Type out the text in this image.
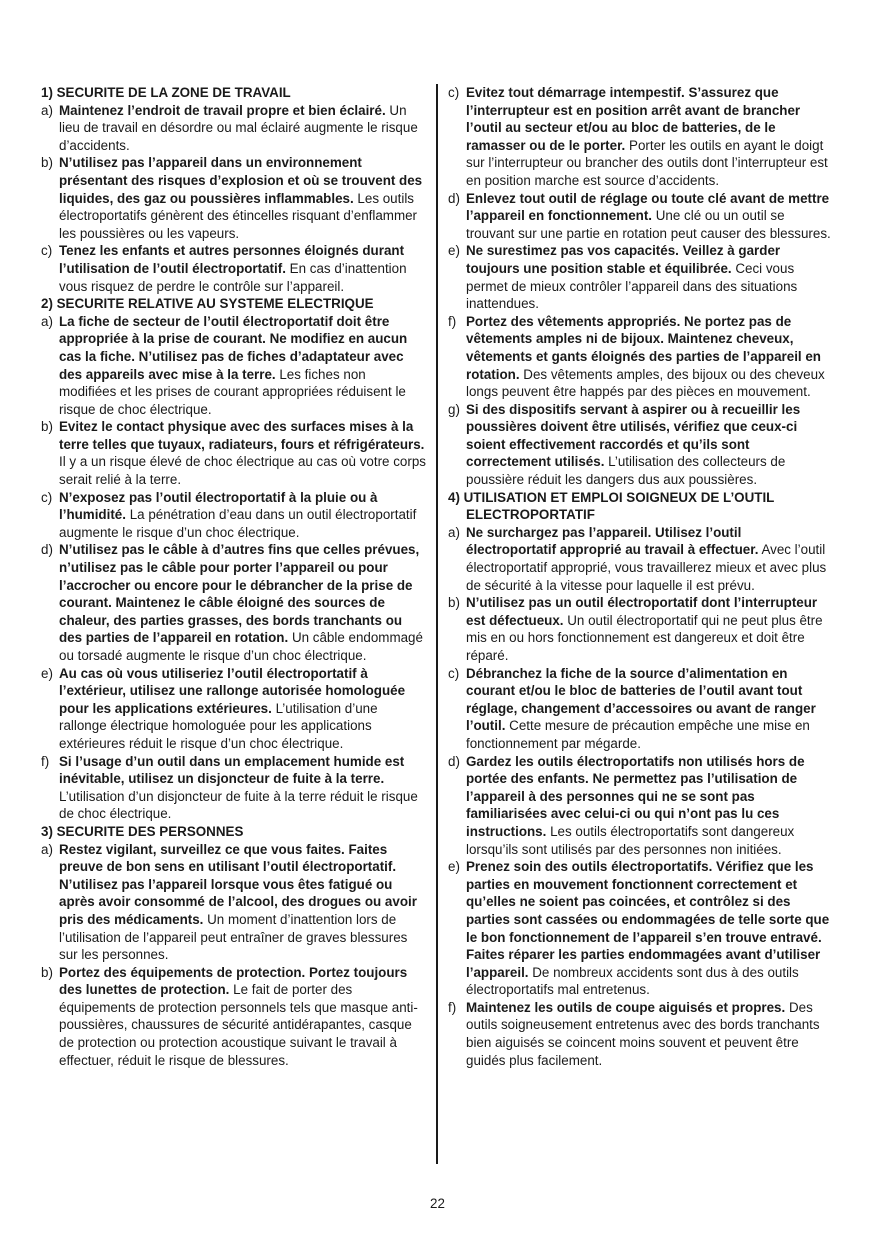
1) SECURITE DE LA ZONE DE TRAVAIL

a) Maintenez l’endroit de travail propre et bien éclairé. Un lieu de travail en désordre ou mal éclairé augmente le risque d’accidents.

b) N’utilisez pas l’appareil dans un environnement présentant des risques d’explosion et où se trouvent des liquides, des gaz ou poussières inflammables. Les outils électroportatifs génèrent des étincelles risquant d’enflammer les poussières ou les vapeurs.

c) Tenez les enfants et autres personnes éloignés durant l’utilisation de l’outil électroportatif. En cas d’inattention vous risquez de perdre le contrôle sur l’appareil.

2) SECURITE RELATIVE AU SYSTEME ELECTRIQUE

a) La fiche de secteur de l’outil électroportatif doit être appropriée à la prise de courant. Ne modifiez en aucun cas la fiche. N’utilisez pas de fiches d’adaptateur avec des appareils avec mise à la terre. Les fiches non modifiées et les prises de courant appropriées réduisent le risque de choc électrique.

b) Evitez le contact physique avec des surfaces mises à la terre telles que tuyaux, radiateurs, fours et réfrigérateurs. Il y a un risque élevé de choc électrique au cas où votre corps serait relié à la terre.

c) N’exposez pas l’outil électroportatif à la pluie ou à l’humidité. La pénétration d’eau dans un outil électroportatif augmente le risque d’un choc électrique.

d) N’utilisez pas le câble à d’autres fins que celles prévues, n’utilisez pas le câble pour porter l’appareil ou pour l’accrocher ou encore pour le débrancher de la prise de courant. Maintenez le câble éloigné des sources de chaleur, des parties grasses, des bords tranchants ou des parties de l’appareil en rotation. Un câble endommagé ou torsadé augmente le risque d’un choc électrique.

e) Au cas où vous utiliseriez l’outil électroportatif à l’extérieur, utilisez une rallonge autorisée homologuée pour les applications extérieures. L’utilisation d’une rallonge électrique homologuée pour les applications extérieures réduit le risque d’un choc électrique.

f) Si l’usage d’un outil dans un emplacement humide est inévitable, utilisez un disjoncteur de fuite à la terre. L’utilisation d’un disjoncteur de fuite à la terre réduit le risque de choc électrique.

3) SECURITE DES PERSONNES

a) Restez vigilant, surveillez ce que vous faites. Faites preuve de bon sens en utilisant l’outil électroportatif. N’utilisez pas l’appareil lorsque vous êtes fatigué ou après avoir consommé de l’alcool, des drogues ou avoir pris des médicaments. Un moment d’inattention lors de l’utilisation de l’appareil peut entraîner de graves blessures sur les personnes.

b) Portez des équipements de protection. Portez toujours des lunettes de protection. Le fait de porter des équipements de protection personnels tels que masque anti-poussières, chaussures de sécurité antidérapantes, casque de protection ou protection acoustique suivant le travail à effectuer, réduit le risque de blessures.

c) Evitez tout démarrage intempestif. S’assurez que l’interrupteur est en position arrêt avant de brancher l’outil au secteur et/ou au bloc de batteries, de le ramasser ou de le porter. Porter les outils en ayant le doigt sur l’interrupteur ou brancher des outils dont l’interrupteur est en position marche est source d’accidents.

d) Enlevez tout outil de réglage ou toute clé avant de mettre l’appareil en fonctionnement. Une clé ou un outil se trouvant sur une partie en rotation peut causer des blessures.

e) Ne surestimez pas vos capacités. Veillez à garder toujours une position stable et équilibrée. Ceci vous permet de mieux contrôler l’appareil dans des situations inattendues.

f) Portez des vêtements appropriés. Ne portez pas de vêtements amples ni de bijoux. Maintenez cheveux, vêtements et gants éloignés des parties de l’appareil en rotation. Des vêtements amples, des bijoux ou des cheveux longs peuvent être happés par des pièces en mouvement.

g) Si des dispositifs servant à aspirer ou à recueillir les poussières doivent être utilisés, vérifiez que ceux-ci soient effectivement raccordés et qu’ils sont correctement utilisés. L’utilisation des collecteurs de poussière réduit les dangers dus aux poussières.

4) UTILISATION ET EMPLOI SOIGNEUX DE L’OUTIL ELECTROPORTATIF

a) Ne surchargez pas l’appareil. Utilisez l’outil électroportatif approprié au travail à effectuer. Avec l’outil électroportatif approprié, vous travaillerez mieux et avec plus de sécurité à la vitesse pour laquelle il est prévu.

b) N’utilisez pas un outil électroportatif dont l’interrupteur est défectueux. Un outil électroportatif qui ne peut plus être mis en ou hors fonctionnement est dangereux et doit être réparé.

c) Débranchez la fiche de la source d’alimentation en courant et/ou le bloc de batteries de l’outil avant tout réglage, changement d’accessoires ou avant de ranger l’outil. Cette mesure de précaution empêche une mise en fonctionnement par mégarde.

d) Gardez les outils électroportatifs non utilisés hors de portée des enfants. Ne permettez pas l’utilisation de l’appareil à des personnes qui ne se sont pas familiarisées avec celui-ci ou qui n’ont pas lu ces instructions. Les outils électroportatifs sont dangereux lorsqu’ils sont utilisés par des personnes non initiées.

e) Prenez soin des outils électroportatifs. Vérifiez que les parties en mouvement fonctionnent correctement et qu’elles ne soient pas coincées, et contrôlez si des parties sont cassées ou endommagées de telle sorte que le bon fonctionnement de l’appareil s’en trouve entravé. Faites réparer les parties endommagées avant d’utiliser l’appareil. De nombreux accidents sont dus à des outils électroportatifs mal entretenus.

f) Maintenez les outils de coupe aiguisés et propres. Des outils soigneusement entretenus avec des bords tranchants bien aiguisés se coincent moins souvent et peuvent être guidés plus facilement.

22
